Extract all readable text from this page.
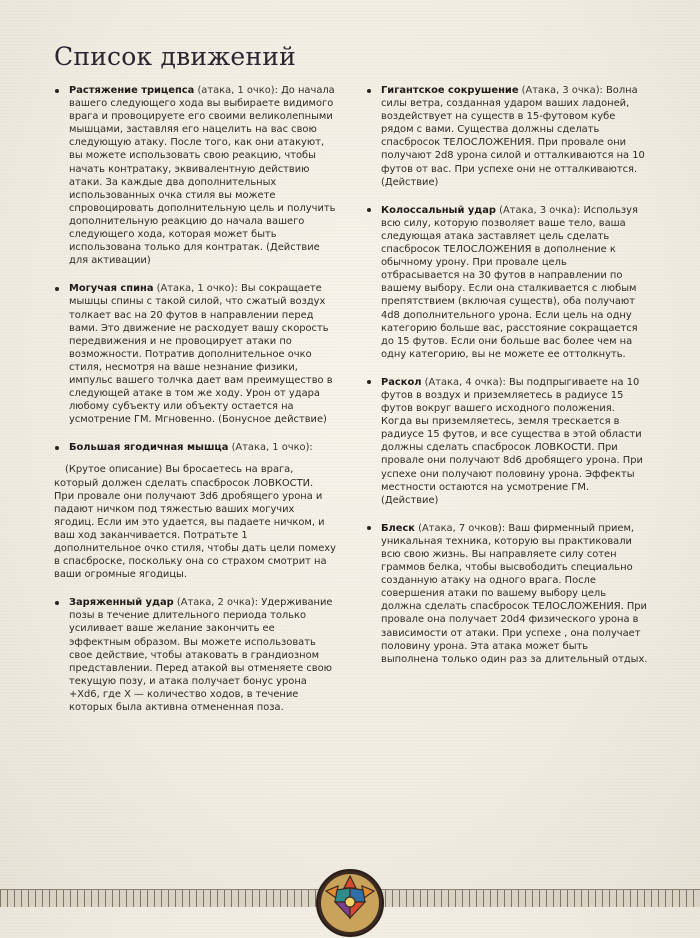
Список движений
Растяжение трицепса (атака, 1 очко): До начала вашего следующего хода вы выбираете видимого врага и провоцируете его своими великолепными мышцами, заставляя его нацелить на вас свою следующую атаку. После того, как они атакуют, вы можете использовать свою реакцию, чтобы начать контратаку, эквивалентную действию атаки. За каждые два дополнительных использованных очка стиля вы можете спровоцировать дополнительную цель и получить дополнительную реакцию до начала вашего следующего хода, которая может быть использована только для контратак. (Действие для активации)
Могучая спина (Атака, 1 очко): Вы сокращаете мышцы спины с такой силой, что сжатый воздух толкает вас на 20 футов в направлении перед вами. Это движение не расходует вашу скорость передвижения и не провоцирует атаки по возможности. Потратив дополнительное очко стиля, несмотря на ваше незнание физики, импульс вашего толчка дает вам преимущество в следующей атаке в том же ходу. Урон от удара любому субъекту или объекту остается на усмотрение ГМ. Мгновенно. (Бонусное действие)
Большая ягодичная мышца (Атака, 1 очко):

(Крутое описание) Вы бросаетесь на врага, который должен сделать спасбросок ЛОВКОСТИ. При провале они получают 3d6 дробящего урона и падают ничком под тяжестью ваших могучих ягодиц. Если им это удается, вы падаете ничком, и ваш ход заканчивается. Потратьте 1 дополнительное очко стиля, чтобы дать цели помеху в спасброске, поскольку она со страхом смотрит на ваши огромные ягодицы.

Заряженный удар (Атака, 2 очка): Удерживание позы в течение длительного периода только усиливает ваше желание закончить ее эффектным образом. Вы можете использовать свое действие, чтобы атаковать в грандиозном представлении. Перед атакой вы отменяете свою текущую позу, и атака получает бонус урона +Xd6, где X — количество ходов, в течение которых была активна отмененная поза.
Гигантское сокрушение (Атака, 3 очка): Волна силы ветра, созданная ударом ваших ладоней, воздействует на существ в 15-футовом кубе рядом с вами. Существа должны сделать спасбросок ТЕЛОСЛОЖЕНИЯ. При провале они получают 2d8 урона силой и отталкиваются на 10 футов от вас. При успехе они не отталкиваются. (Действие)
Колоссальный удар (Атака, 3 очка): Используя всю силу, которую позволяет ваше тело, ваша следующая атака заставляет цель сделать спасбросок ТЕЛОСЛОЖЕНИЯ в дополнение к обычному урону. При провале цель отбрасывается на 30 футов в направлении по вашему выбору. Если она сталкивается с любым препятствием (включая существ), оба получают 4d8 дополнительного урона. Если цель на одну категорию больше вас, расстояние сокращается до 15 футов. Если они больше вас более чем на одну категорию, вы не можете ее оттолкнуть.
Раскол (Атака, 4 очка): Вы подпрыгиваете на 10 футов в воздух и приземляетесь в радиусе 15 футов вокруг вашего исходного положения. Когда вы приземляетесь, земля трескается в радиусе 15 футов, и все существа в этой области должны сделать спасбросок ЛОВКОСТИ. При провале они получают 8d6 дробящего урона. При успехе они получают половину урона. Эффекты местности остаются на усмотрение ГМ. (Действие)
Блеск (Атака, 7 очков): Ваш фирменный прием, уникальная техника, которую вы практиковали всю свою жизнь. Вы направляете силу сотен граммов белка, чтобы высвободить специально созданную атаку на одного врага. После совершения атаки по вашему выбору цель должна сделать спасбросок ТЕЛОСЛОЖЕНИЯ. При провале она получает 20d4 физического урона в зависимости от атаки. При успехе , она получает половину урона. Эта атака может быть выполнена только один раз за длительный отдых.
